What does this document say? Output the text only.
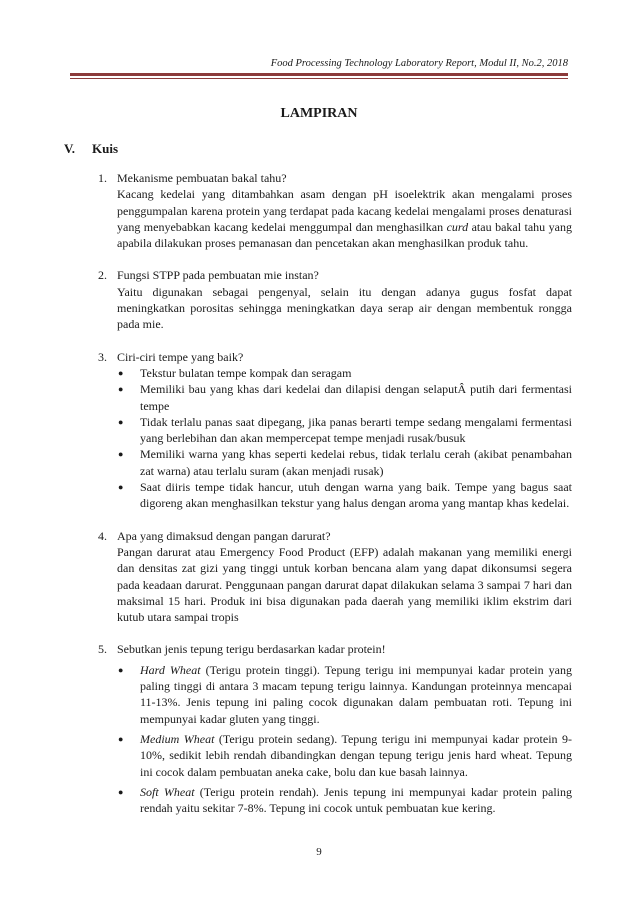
Food Processing Technology Laboratory Report, Modul II, No.2, 2018
LAMPIRAN
V. Kuis
1. Mekanisme pembuatan bakal tahu?
Kacang kedelai yang ditambahkan asam dengan pH isoelektrik akan mengalami proses penggumpalan karena protein yang terdapat pada kacang kedelai mengalami proses denaturasi yang menyebabkan kacang kedelai menggumpal dan menghasilkan curd atau bakal tahu yang apabila dilakukan proses pemanasan dan pencetakan akan menghasilkan produk tahu.
2. Fungsi STPP pada pembuatan mie instan?
Yaitu digunakan sebagai pengenyal, selain itu dengan adanya gugus fosfat dapat meningkatkan porositas sehingga meningkatkan daya serap air dengan membentuk rongga pada mie.
3. Ciri-ciri tempe yang baik?
●	Tekstur bulatan tempe kompak dan seragam
●	Memiliki bau yang khas dari kedelai dan dilapisi dengan selaputÂ putih dari fermentasi tempe
●	Tidak terlalu panas saat dipegang, jika panas berarti tempe sedang mengalami fermentasi yang berlebihan dan akan mempercepat tempe menjadi rusak/busuk
●	Memiliki warna yang khas seperti kedelai rebus, tidak terlalu cerah (akibat penambahan zat warna) atau terlalu suram (akan menjadi rusak)
●	Saat diiris tempe tidak hancur, utuh dengan warna yang baik. Tempe yang bagus saat digoreng akan menghasilkan tekstur yang halus dengan aroma yang mantap khas kedelai.
4. Apa yang dimaksud dengan pangan darurat?
Pangan darurat atau Emergency Food Product (EFP) adalah makanan yang memiliki energi dan densitas zat gizi yang tinggi untuk korban bencana alam yang dapat dikonsumsi segera pada keadaan darurat. Penggunaan pangan darurat dapat dilakukan selama 3 sampai 7 hari dan maksimal 15 hari. Produk ini bisa digunakan pada daerah yang memiliki iklim ekstrim dari kutub utara sampai tropis
5. Sebutkan jenis tepung terigu berdasarkan kadar protein!
●	Hard Wheat (Terigu protein tinggi). Tepung terigu ini mempunyai kadar protein yang paling tinggi di antara 3 macam tepung terigu lainnya. Kandungan proteinnya mencapai 11-13%. Jenis tepung ini paling cocok digunakan dalam pembuatan roti. Tepung ini mempunyai kadar gluten yang tinggi.
●	Medium Wheat (Terigu protein sedang). Tepung terigu ini mempunyai kadar protein 9-10%, sedikit lebih rendah dibandingkan dengan tepung terigu jenis hard wheat. Tepung ini cocok dalam pembuatan aneka cake, bolu dan kue basah lainnya.
●	Soft Wheat (Terigu protein rendah). Jenis tepung ini mempunyai kadar protein paling rendah yaitu sekitar 7-8%. Tepung ini cocok untuk pembuatan kue kering.
9
